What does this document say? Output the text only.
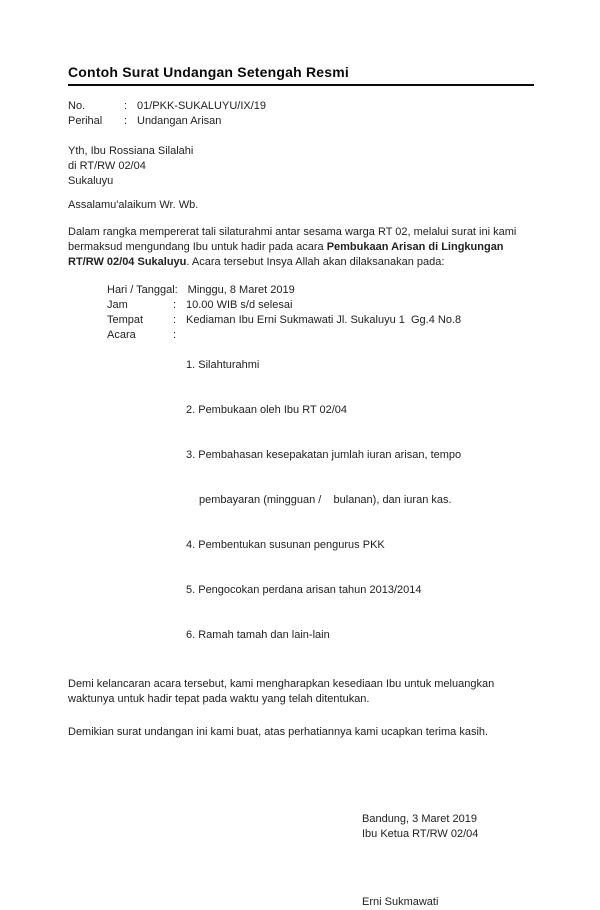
Contoh Surat Undangan Setengah Resmi
No.	: 01/PKK-SUKALUYU/IX/19
Perihal	: Undangan Arisan
Yth, Ibu Rossiana Silalahi
di RT/RW 02/04
Sukaluyu
Assalamu'alaikum Wr. Wb.
Dalam rangka mempererat tali silaturahmi antar sesama warga RT 02, melalui surat ini kami
bermaksud mengundang Ibu untuk hadir pada acara Pembukaan Arisan di Lingkungan
RT/RW 02/04 Sukaluyu. Acara tersebut Insya Allah akan dilaksanakan pada:
Hari / Tanggal : Minggu, 8 Maret 2019
Jam	: 10.00 WIB s/d selesai
Tempat	: Kediaman Ibu Erni Sukmawati Jl. Sukaluyu 1  Gg.4 No.8
Acara	:

1. Silahturahmi

2. Pembukaan oleh Ibu RT 02/04

3. Pembahasan kesepakatan jumlah iuran arisan, tempo

pembayaran (mingguan /    bulanan), dan iuran kas.

4. Pembentukan susunan pengurus PKK

5. Pengocokan perdana arisan tahun 2013/2014

6. Ramah tamah dan lain-lain

Demi kelancaran acara tersebut, kami mengharapkan kesediaan Ibu untuk meluangkan
waktunya untuk hadir tepat pada waktu yang telah ditentukan.
Demikian surat undangan ini kami buat, atas perhatiannya kami ucapkan terima kasih.
Bandung, 3 Maret 2019
Ibu Ketua RT/RW 02/04
Erni Sukmawati
